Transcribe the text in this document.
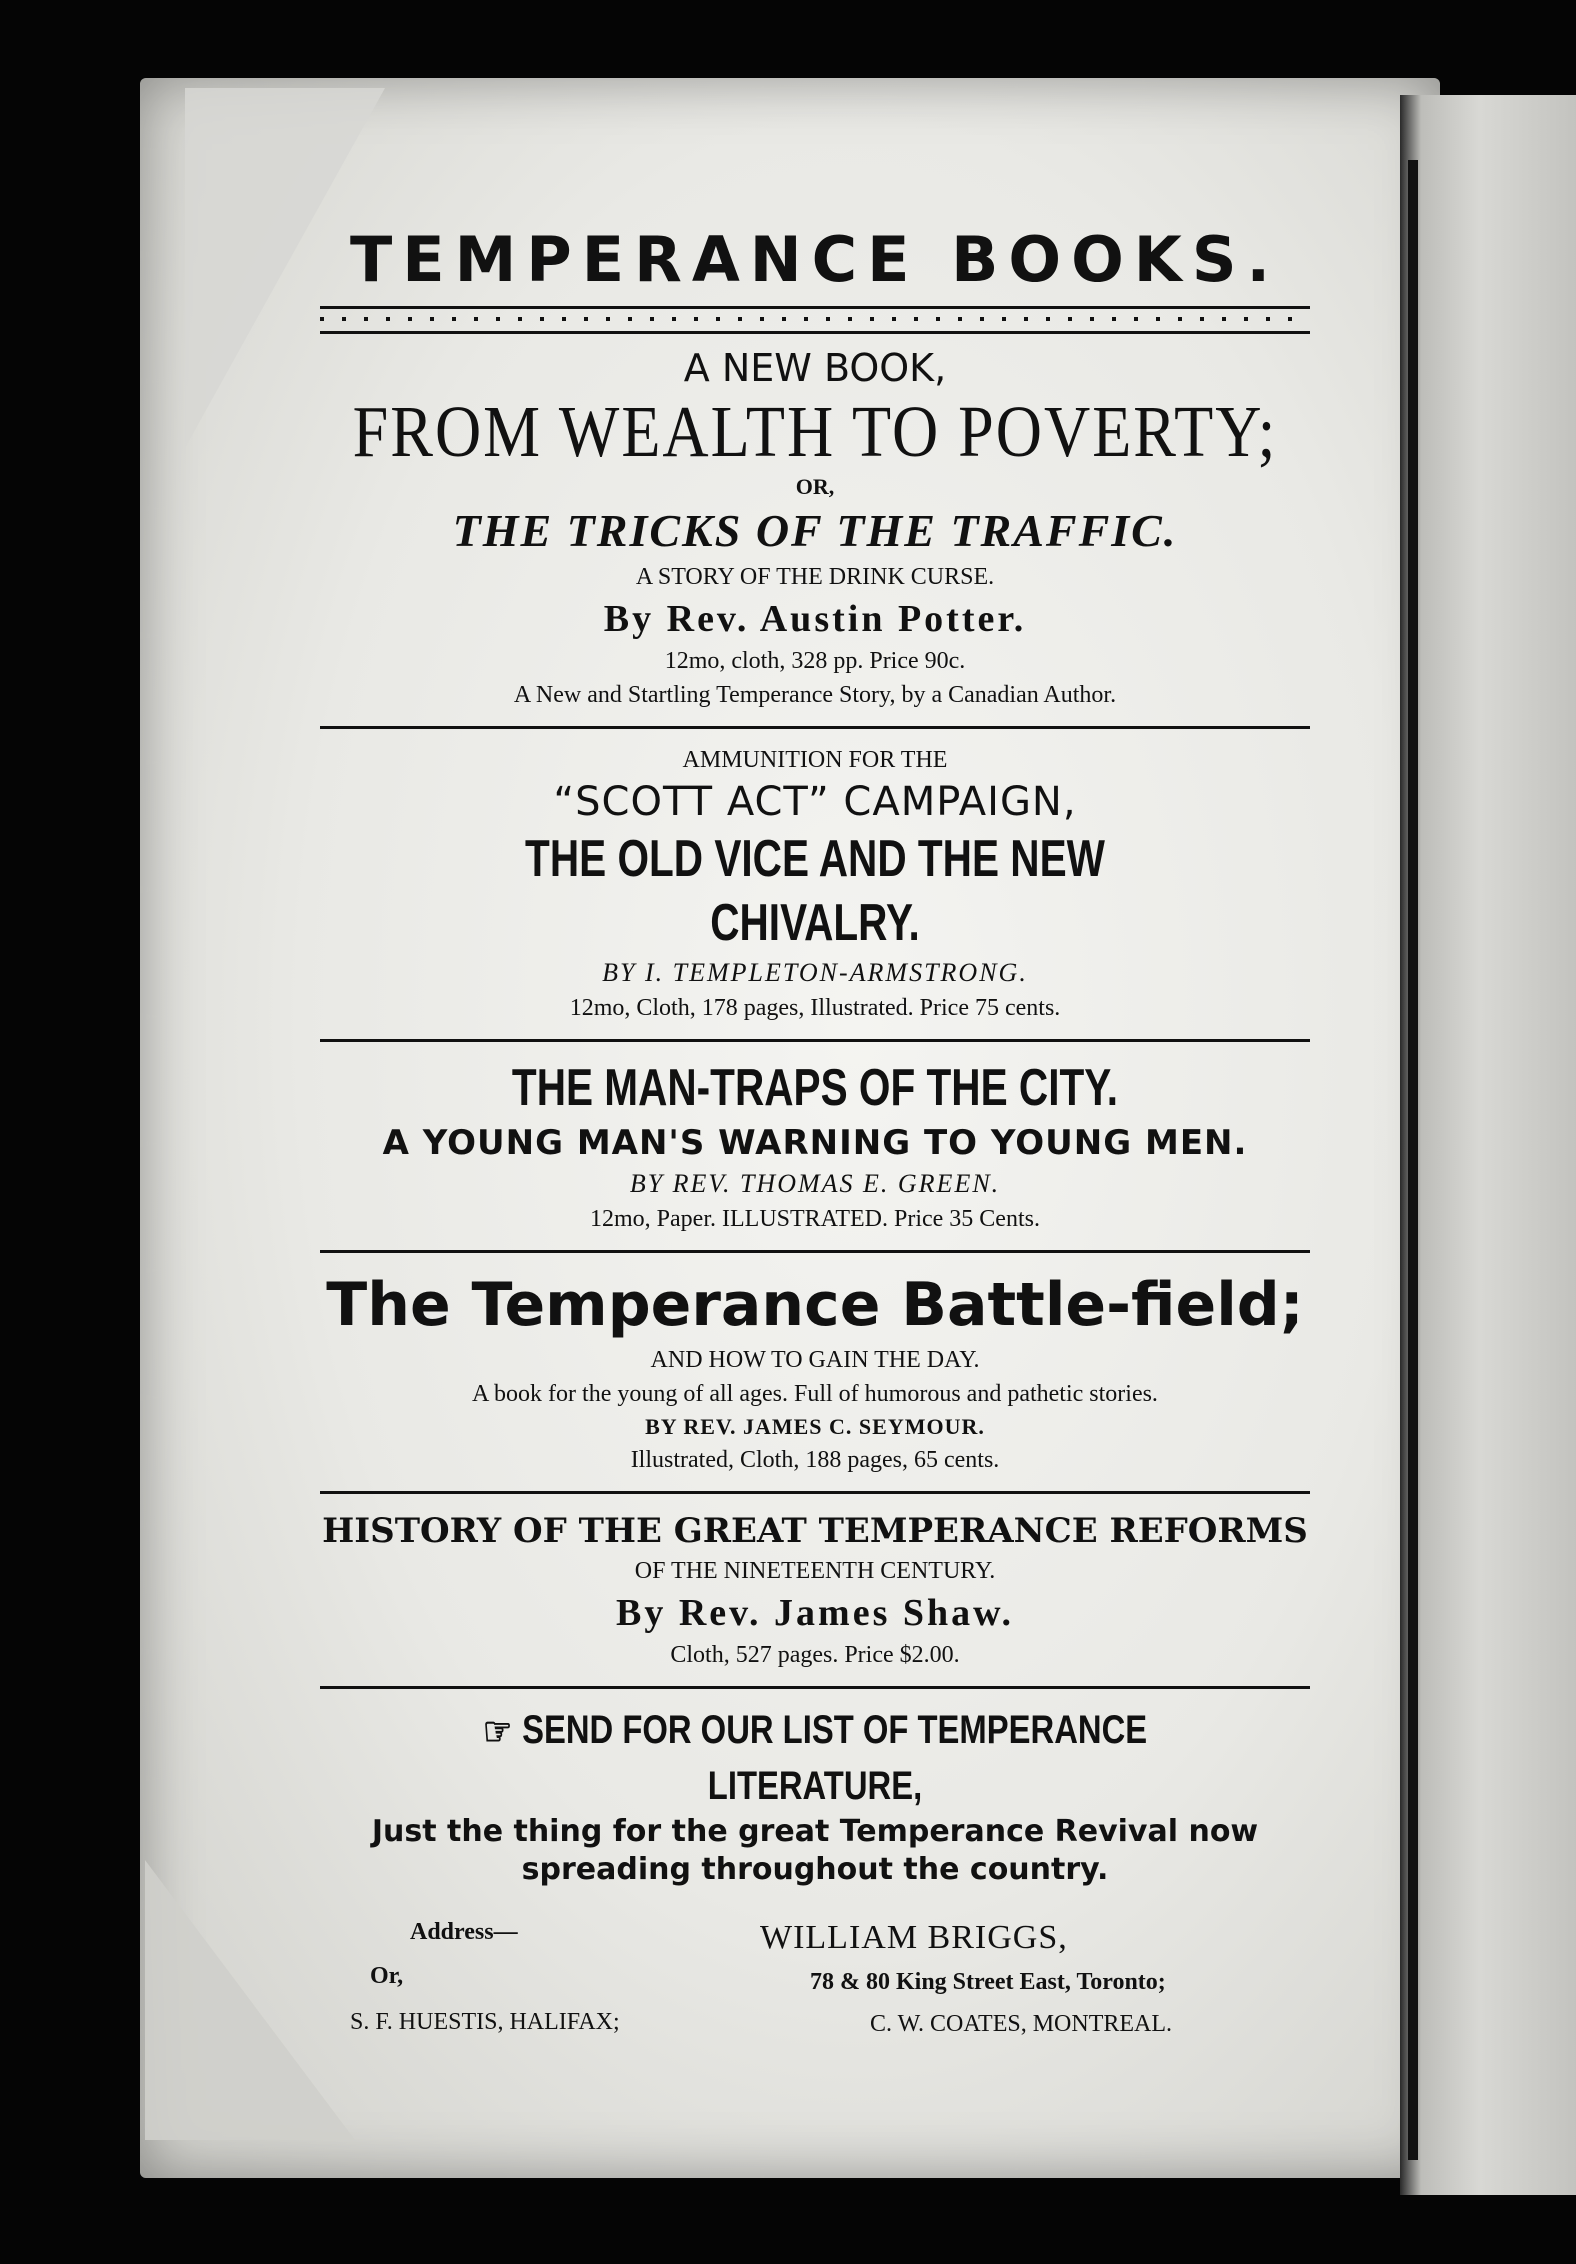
TEMPERANCE BOOKS.
A NEW BOOK,
FROM WEALTH TO POVERTY;
OR,
THE TRICKS OF THE TRAFFIC.
A STORY OF THE DRINK CURSE.
By Rev. Austin Potter.
12mo, cloth, 328 pp. Price 90c.
A New and Startling Temperance Story, by a Canadian Author.
AMMUNITION FOR THE
“SCOTT ACT” CAMPAIGN,
THE OLD VICE AND THE NEW CHIVALRY.
BY I. TEMPLETON-ARMSTRONG.
12mo, Cloth, 178 pages, Illustrated. Price 75 cents.
THE MAN-TRAPS OF THE CITY.
A YOUNG MAN'S WARNING TO YOUNG MEN.
BY REV. THOMAS E. GREEN.
12mo, Paper. ILLUSTRATED. Price 35 Cents.
The Temperance Battle-field;
AND HOW TO GAIN THE DAY.
A book for the young of all ages. Full of humorous and pathetic stories.
BY REV. JAMES C. SEYMOUR.
Illustrated, Cloth, 188 pages, 65 cents.
HISTORY OF THE GREAT TEMPERANCE REFORMS
OF THE NINETEENTH CENTURY.
By Rev. James Shaw.
Cloth, 527 pages. Price $2.00.
☞ SEND FOR OUR LIST OF TEMPERANCE LITERATURE,
Just the thing for the great Temperance Revival now
spreading throughout the country.
Address—
Or,
S. F. HUESTIS, HALIFAX;
WILLIAM BRIGGS,
78 & 80 King Street East, Toronto;
C. W. COATES, MONTREAL.
